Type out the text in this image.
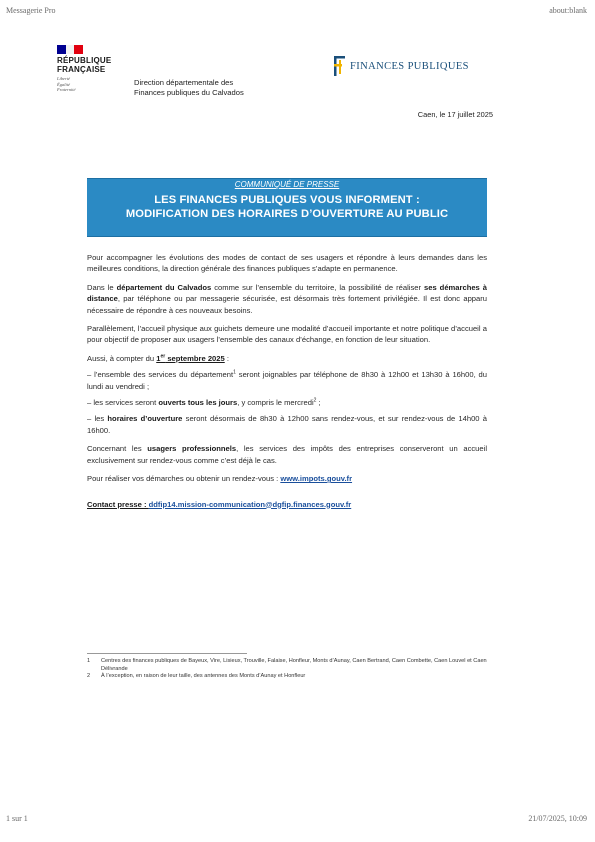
Messagerie Pro	about:blank
1 sur 1	21/07/2025, 10:09
RÉPUBLIQUE
FRANÇAISE
Liberté
Égalité
Fraternité
Direction départementale des
Finances publiques du Calvados
FINANCES PUBLIQUES
Caen, le 17 juillet 2025
COMMUNIQUÉ DE PRESSE
LES FINANCES PUBLIQUES VOUS INFORMENT :
MODIFICATION DES HORAIRES D’OUVERTURE AU PUBLIC

Pour accompagner les évolutions des modes de contact de ses usagers et répondre à leurs demandes dans les meilleures conditions, la direction générale des finances publiques s’adapte en permanence.

Dans le département du Calvados comme sur l’ensemble du territoire, la possibilité de réaliser ses démarches à distance, par téléphone ou par messagerie sécurisée, est désormais très fortement privilégiée. Il est donc apparu nécessaire de répondre à ces nouveaux besoins.

Parallèlement, l’accueil physique aux guichets demeure une modalité d’accueil importante et notre politique d’accueil a pour objectif de proposer aux usagers l’ensemble des canaux d’échange, en fonction de leur situation.

Aussi, à compter du 1er septembre 2025 :

– l’ensemble des services du département$^1$ seront joignables par téléphone de 8h30 à 12h00 et 13h30 à 16h00, du lundi au vendredi ;

– les services seront ouverts tous les jours, y compris le mercredi$^2$ ;

– les horaires d’ouverture seront désormais de 8h30 à 12h00 sans rendez-vous, et sur rendez-vous de 14h00 à 16h00.

Concernant les usagers professionnels, les services des impôts des entreprises conserveront un accueil exclusivement sur rendez-vous comme c’est déjà le cas.

Pour réaliser vos démarches ou obtenir un rendez-vous : www.impots.gouv.fr

Contact presse : ddfip14.mission-communication@dgfip.finances.gouv.fr

1	Centres des finances publiques de Bayeux, Vire, Lisieux, Trouville, Falaise, Honfleur, Monts d’Aunay, Caen Bertrand, Caen Combette, Caen Louvel et Caen Délivrande
2	À l’exception, en raison de leur taille, des antennes des Monts d’Aunay et Honfleur
